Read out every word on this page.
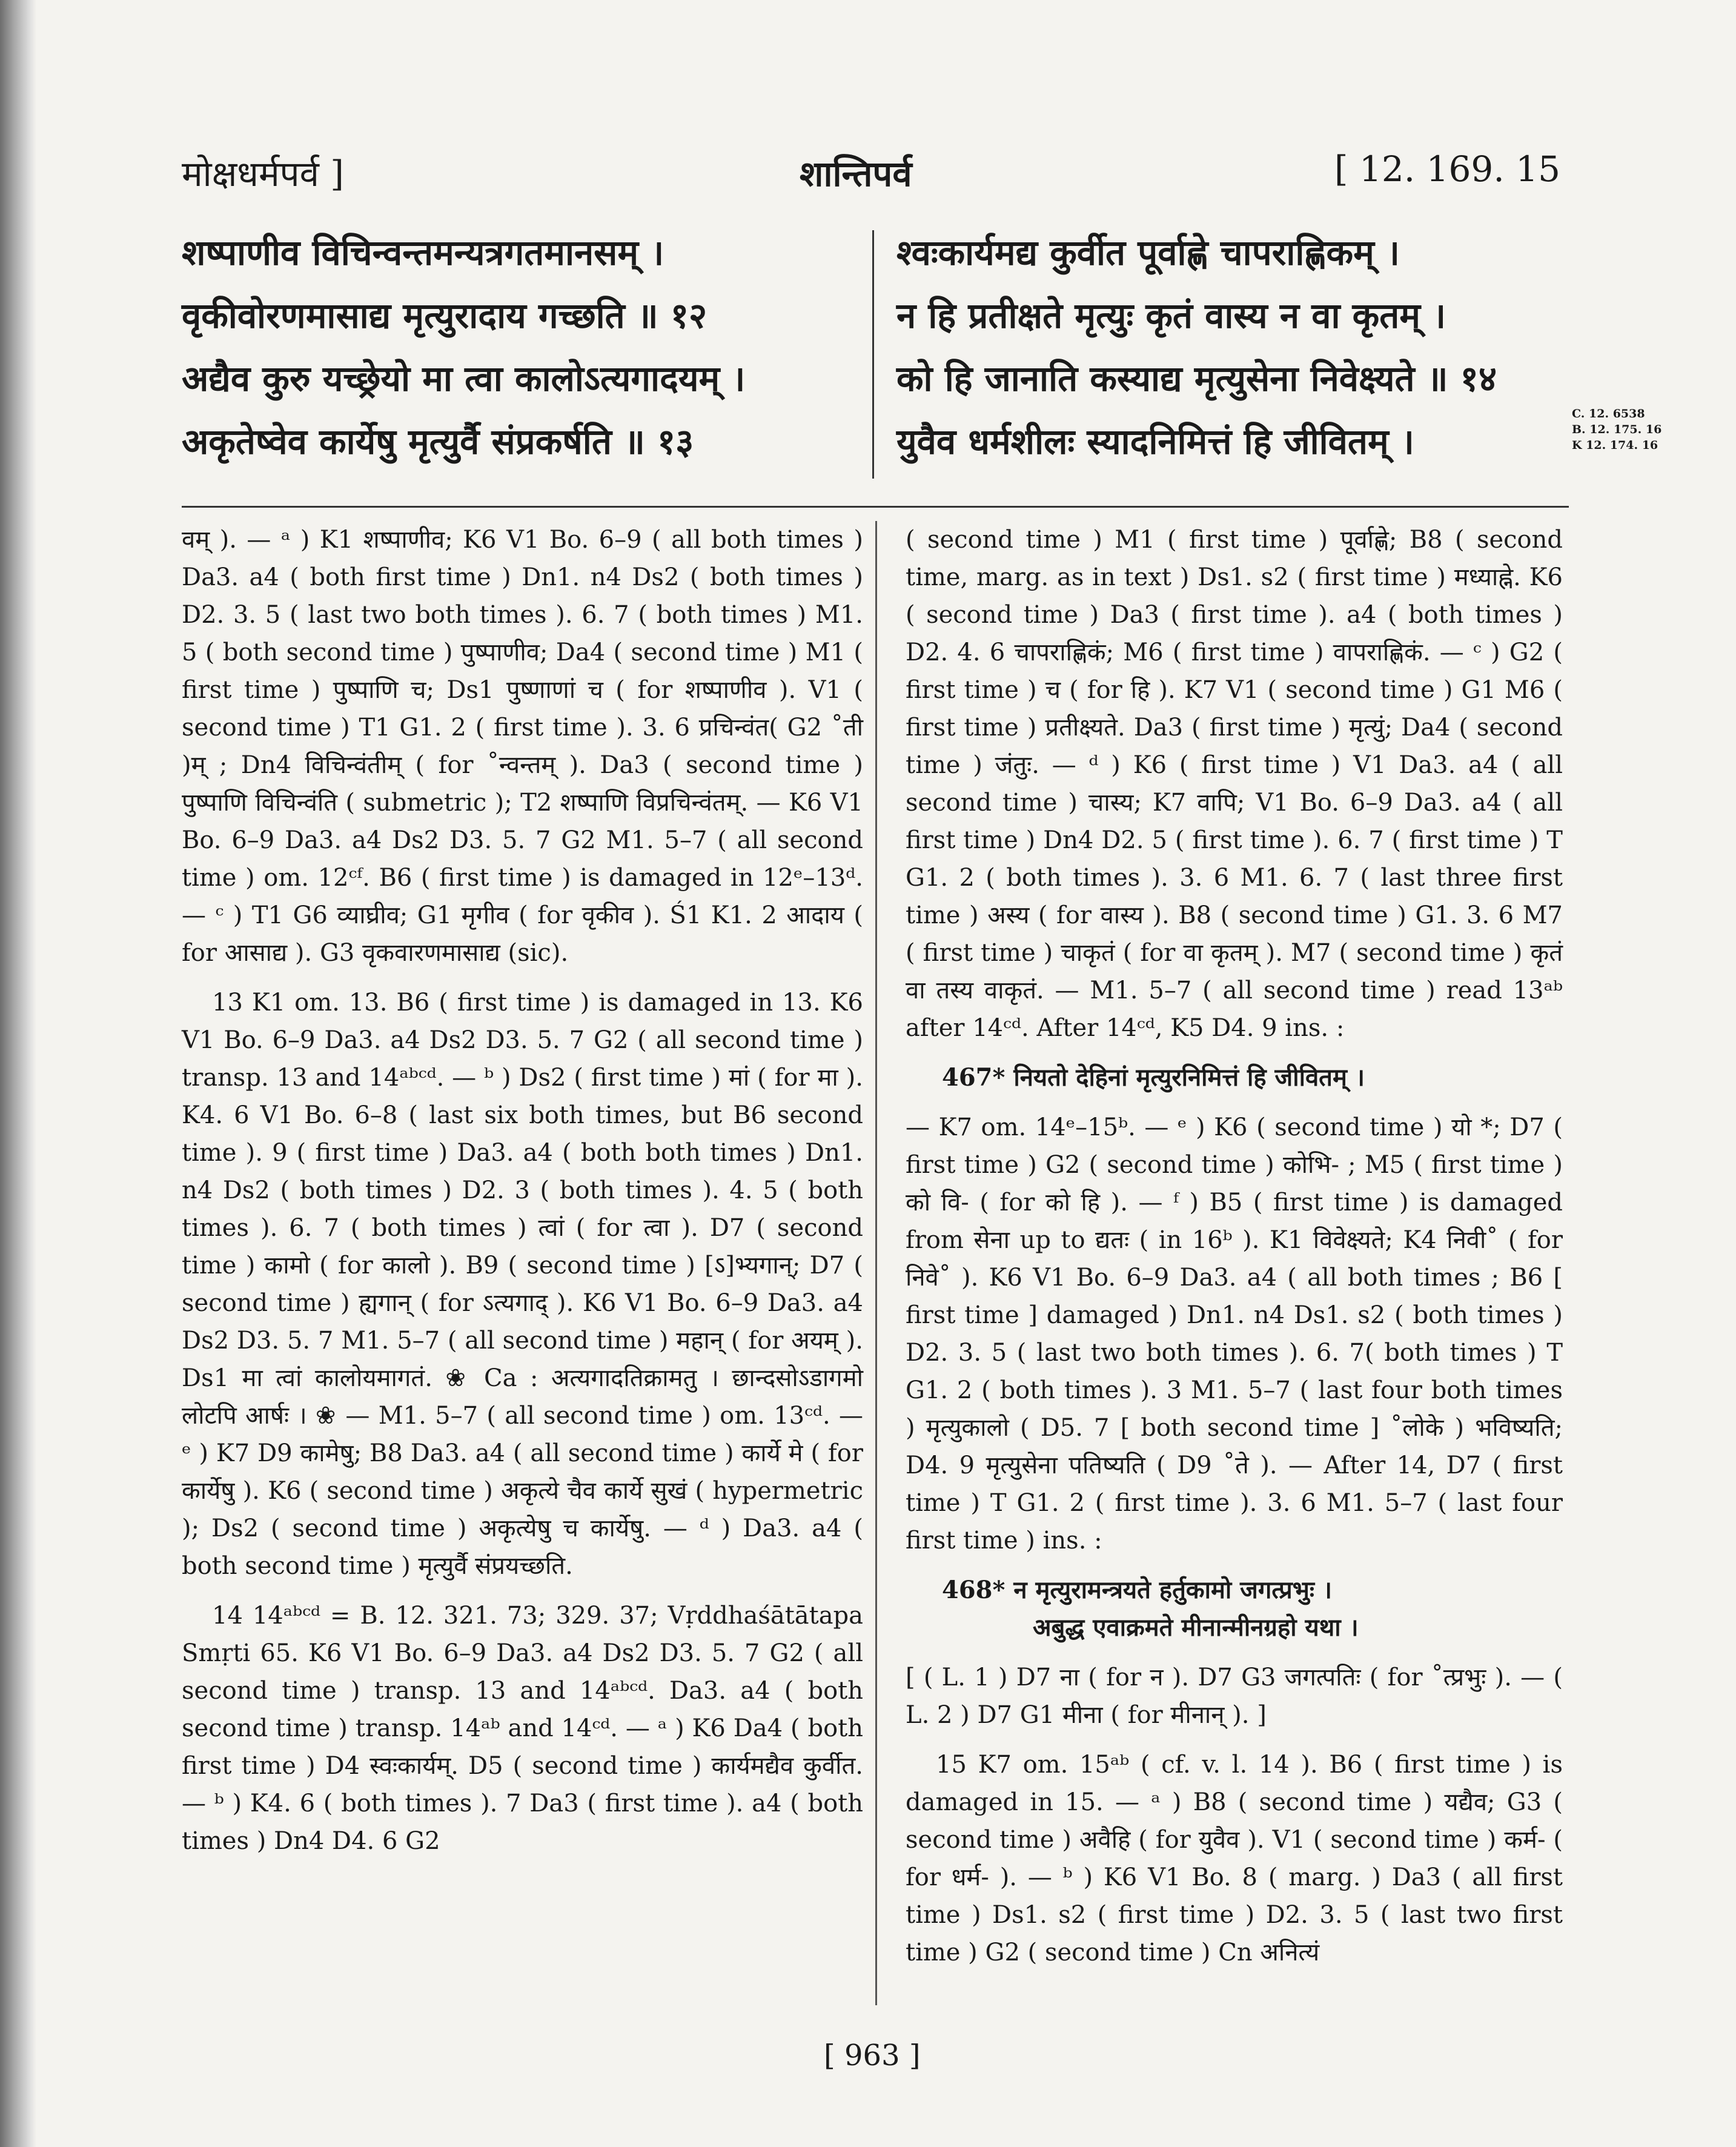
मोक्षधर्मपर्व ]	शान्तिपर्व	[ 12. 169. 15
शष्पाणीव विचिन्वन्तमन्यत्रगतमानसम् ।
वृकीवोरणमासाद्य मृत्युरादाय गच्छति ॥ १२
अद्यैव कुरु यच्छ्रेयो मा त्वा कालोऽत्यगादयम् ।
अकृतेष्वेव कार्येषु मृत्युर्वै संप्रकर्षति ॥ १३
श्वःकार्यमद्य कुर्वीत पूर्वाह्णे चापराह्णिकम् ।
न हि प्रतीक्षते मृत्युः कृतं वास्य न वा कृतम् ।
को हि जानाति कस्याद्य मृत्युसेना निवेक्ष्यते ॥ १४
युवैव धर्मशीलः स्यादनिमित्तं हि जीवितम् ।
C. 12. 6538
B. 12. 175. 16
K 12. 174. 16

वम् ). — ᵃ ) K1 शष्पाणीव; K6 V1 Bo. 6–9 ( all both times ) Da3. a4 ( both first time ) Dn1. n4 Ds2 ( both times ) D2. 3. 5 ( last two both times ). 6. 7 ( both times ) M1. 5 ( both second time ) पुष्पाणीव; Da4 ( second time ) M1 ( first time ) पुष्पाणि च; Ds1 पुष्णाणां च ( for शष्पाणीव ). V1 ( second time ) T1 G1. 2 ( first time ). 3. 6 प्रचिन्वंत( G2 ˚ती )म् ; Dn4 विचिन्वंतीम् ( for ˚न्वन्तम् ). Da3 ( second time ) पुष्पाणि विचिन्वंति ( submetric ); T2 शष्पाणि विप्रचिन्वंतम्. — K6 V1 Bo. 6–9 Da3. a4 Ds2 D3. 5. 7 G2 M1. 5–7 ( all second time ) om. 12ᶜᶠ. B6 ( first time ) is damaged in 12ᵉ–13ᵈ. — ᶜ ) T1 G6 व्याघ्रीव; G1 मृगीव ( for वृकीव ). Ś1 K1. 2 आदाय ( for आसाद्य ). G3 वृकवारणमासाद्य (sic).

13 K1 om. 13. B6 ( first time ) is damaged in 13. K6 V1 Bo. 6–9 Da3. a4 Ds2 D3. 5. 7 G2 ( all second time ) transp. 13 and 14ᵃᵇᶜᵈ. — ᵇ ) Ds2 ( first time ) मां ( for मा ). K4. 6 V1 Bo. 6–8 ( last six both times, but B6 second time ). 9 ( first time ) Da3. a4 ( both both times ) Dn1. n4 Ds2 ( both times ) D2. 3 ( both times ). 4. 5 ( both times ). 6. 7 ( both times ) त्वां ( for त्वा ). D7 ( second time ) कामो ( for कालो ). B9 ( second time ) [ऽ]भ्यगान्; D7 ( second time ) ह्यगान् ( for ऽत्यगाद् ). K6 V1 Bo. 6–9 Da3. a4 Ds2 D3. 5. 7 M1. 5–7 ( all second time ) महान् ( for अयम् ). Ds1 मा त्वां कालोयमागतं. ❀ Ca : अत्यगादतिक्रामतु । छान्दसोऽडागमो लोटपि आर्षः । ❀ — M1. 5–7 ( all second time ) om. 13ᶜᵈ. — ᵉ ) K7 D9 कामेषु; B8 Da3. a4 ( all second time ) कार्ये मे ( for कार्येषु ). K6 ( second time ) अकृत्ये चैव कार्ये सुखं ( hypermetric ); Ds2 ( second time ) अकृत्येषु च कार्येषु. — ᵈ ) Da3. a4 ( both second time ) मृत्युर्वै संप्रयच्छति.

14 14ᵃᵇᶜᵈ = B. 12. 321. 73; 329. 37; Vṛddhaśātātapa Smṛti 65. K6 V1 Bo. 6–9 Da3. a4 Ds2 D3. 5. 7 G2 ( all second time ) transp. 13 and 14ᵃᵇᶜᵈ. Da3. a4 ( both second time ) transp. 14ᵃᵇ and 14ᶜᵈ. — ᵃ ) K6 Da4 ( both first time ) D4 स्वःकार्यम्. D5 ( second time ) कार्यमद्यैव कुर्वीत. — ᵇ ) K4. 6 ( both times ). 7 Da3 ( first time ). a4 ( both times ) Dn4 D4. 6 G2

( second time ) M1 ( first time ) पूर्वाह्णे; B8 ( second time, marg. as in text ) Ds1. s2 ( first time ) मध्याह्ने. K6 ( second time ) Da3 ( first time ). a4 ( both times ) D2. 4. 6 चापराह्णिकं; M6 ( first time ) वापराह्णिकं. — ᶜ ) G2 ( first time ) च ( for हि ). K7 V1 ( second time ) G1 M6 ( first time ) प्रतीक्ष्यते. Da3 ( first time ) मृत्युं; Da4 ( second time ) जंतुः. — ᵈ ) K6 ( first time ) V1 Da3. a4 ( all second time ) चास्य; K7 वापि; V1 Bo. 6–9 Da3. a4 ( all first time ) Dn4 D2. 5 ( first time ). 6. 7 ( first time ) T G1. 2 ( both times ). 3. 6 M1. 6. 7 ( last three first time ) अस्य ( for वास्य ). B8 ( second time ) G1. 3. 6 M7 ( first time ) चाकृतं ( for वा कृतम् ). M7 ( second time ) कृतं वा तस्य वाकृतं. — M1. 5–7 ( all second time ) read 13ᵃᵇ after 14ᶜᵈ. After 14ᶜᵈ, K5 D4. 9 ins. :

467* नियतो देहिनां मृत्युरनिमित्तं हि जीवितम् ।

— K7 om. 14ᵉ–15ᵇ. — ᵉ ) K6 ( second time ) यो *; D7 ( first time ) G2 ( second time ) कोभि- ; M5 ( first time ) को वि- ( for को हि ). — ᶠ ) B5 ( first time ) is damaged from सेना up to द्यतः ( in 16ᵇ ). K1 विवेक्ष्यते; K4 निवी˚ ( for निवे˚ ). K6 V1 Bo. 6–9 Da3. a4 ( all both times ; B6 [ first time ] damaged ) Dn1. n4 Ds1. s2 ( both times ) D2. 3. 5 ( last two both times ). 6. 7( both times ) T G1. 2 ( both times ). 3 M1. 5–7 ( last four both times ) मृत्युकालो ( D5. 7 [ both second time ] ˚लोके ) भविष्यति; D4. 9 मृत्युसेना पतिष्यति ( D9 ˚ते ). — After 14, D7 ( first time ) T G1. 2 ( first time ). 3. 6 M1. 5–7 ( last four first time ) ins. :

468* न मृत्युरामन्त्रयते हर्तुकामो जगत्प्रभुः ।
अबुद्ध एवाक्रमते मीनान्मीनग्रहो यथा ।

[ ( L. 1 ) D7 ना ( for न ). D7 G3 जगत्पतिः ( for ˚त्प्रभुः ). — ( L. 2 ) D7 G1 मीना ( for मीनान् ). ]

15 K7 om. 15ᵃᵇ ( cf. v. l. 14 ). B6 ( first time ) is damaged in 15. — ᵃ ) B8 ( second time ) यद्यैव; G3 ( second time ) अवैहि ( for युवैव ). V1 ( second time ) कर्म- ( for धर्म- ). — ᵇ ) K6 V1 Bo. 8 ( marg. ) Da3 ( all first time ) Ds1. s2 ( first time ) D2. 3. 5 ( last two first time ) G2 ( second time ) Cn अनित्यं

[ 963 ]
